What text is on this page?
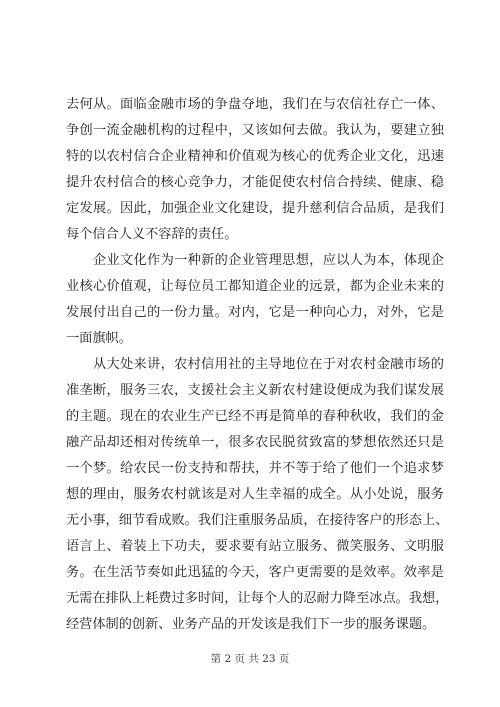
去何从。面临金融市场的争盘夺地，我们在与农信社存亡一体、
争创一流金融机构的过程中，又该如何去做。我认为，要建立独
特的以农村信合企业精神和价值观为核心的优秀企业文化，迅速
提升农村信合的核心竞争力，才能促使农村信合持续、健康、稳
定发展。因此，加强企业文化建设，提升慈利信合品质，是我们
每个信合人义不容辞的责任。
　　企业文化作为一种新的企业管理思想，应以人为本，体现企
业核心价值观，让每位员工都知道企业的远景，都为企业未来的
发展付出自己的一份力量。对内，它是一种向心力，对外，它是
一面旗帜。
　　从大处来讲，农村信用社的主导地位在于对农村金融市场的
准垄断，服务三农，支援社会主义新农村建设便成为我们谋发展
的主题。现在的农业生产已经不再是简单的春种秋收，我们的金
融产品却还相对传统单一，很多农民脱贫致富的梦想依然还只是
一个梦。给农民一份支持和帮扶，并不等于给了他们一个追求梦
想的理由，服务农村就该是对人生幸福的成全。从小处说，服务
无小事，细节看成败。我们注重服务品质，在接待客户的形态上、
语言上、着装上下功夫，要求要有站立服务、微笑服务、文明服
务。在生活节奏如此迅猛的今天，客户更需要的是效率。效率是
无需在排队上耗费过多时间，让每个人的忍耐力降至冰点。我想，
经营体制的创新、业务产品的开发该是我们下一步的服务课题。
第 2 页 共 23 页
